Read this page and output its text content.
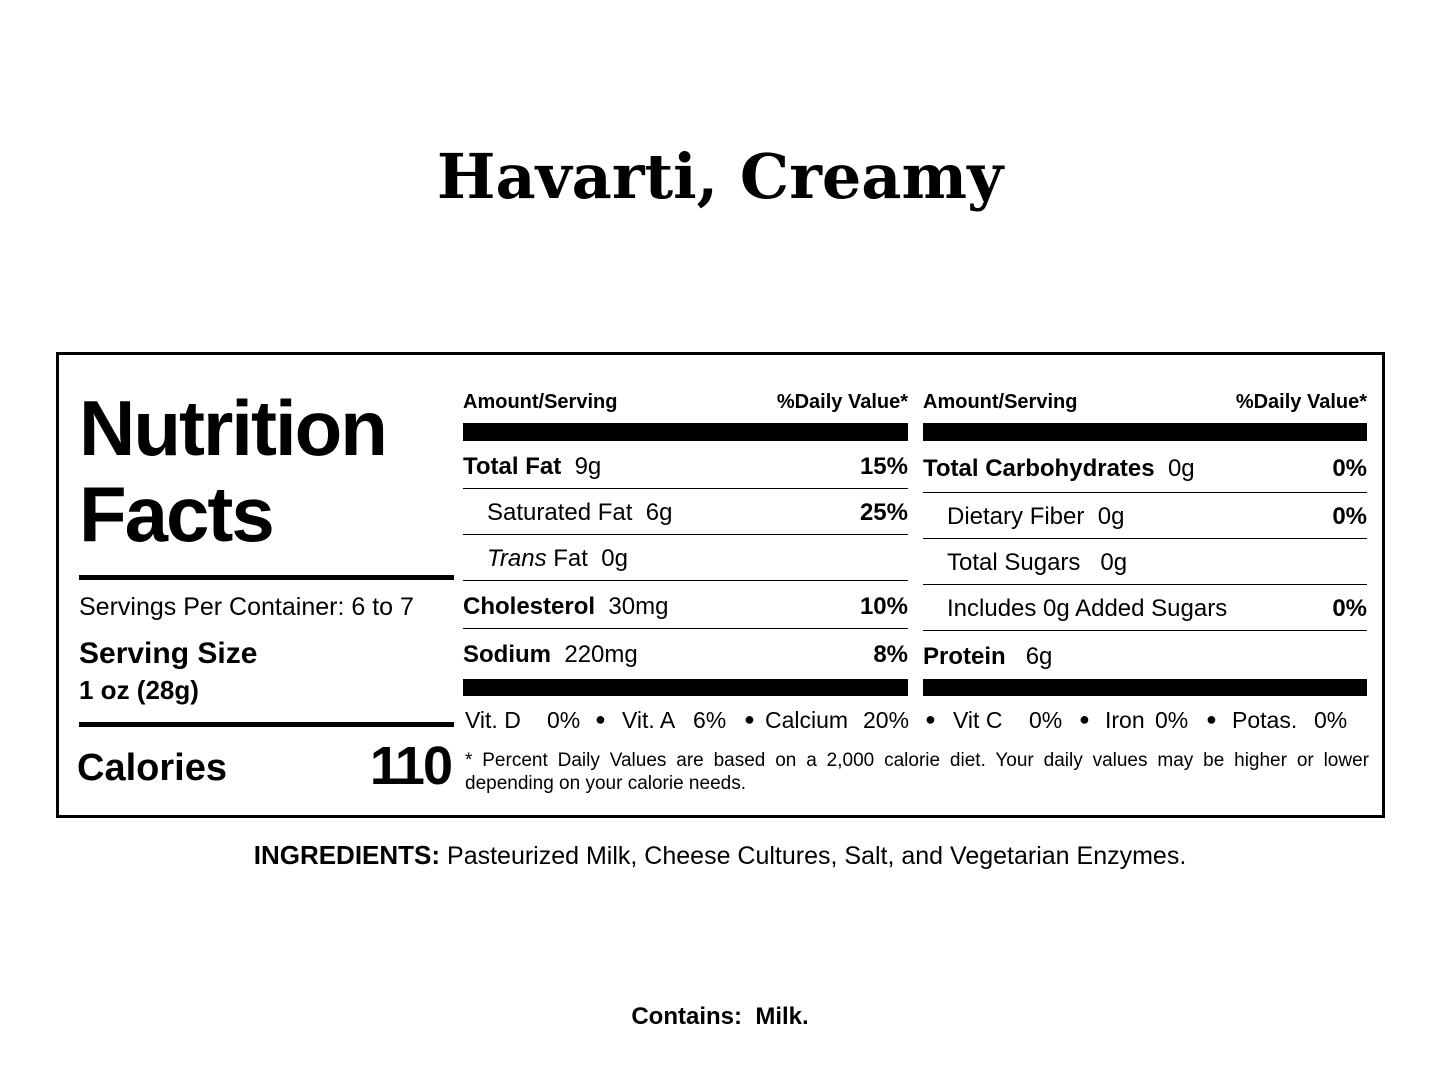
Havarti, Creamy
Nutrition
Facts
Servings Per Container: 6 to 7
Serving Size
1 oz (28g)
Calories	110
Amount/Serving	%Daily Value*
Total Fat 9g	15%
Saturated Fat 6g	25%
Trans Fat 0g
Cholesterol 30mg	10%
Sodium 220mg	8%
Amount/Serving	%Daily Value*
Total Carbohydrates 0g	0%
Dietary Fiber 0g	0%
Total Sugars 0g
Includes 0g Added Sugars	0%
Protein 6g
Vit. D 0% ● Vit. A 6% ● Calcium 20% ● Vit C 0% ● Iron 0% ● Potas. 0%
* Percent Daily Values are based on a 2,000 calorie diet. Your daily values may be higher or lower depending on your calorie needs.
INGREDIENTS: Pasteurized Milk, Cheese Cultures, Salt, and Vegetarian Enzymes.
Contains:  Milk.
